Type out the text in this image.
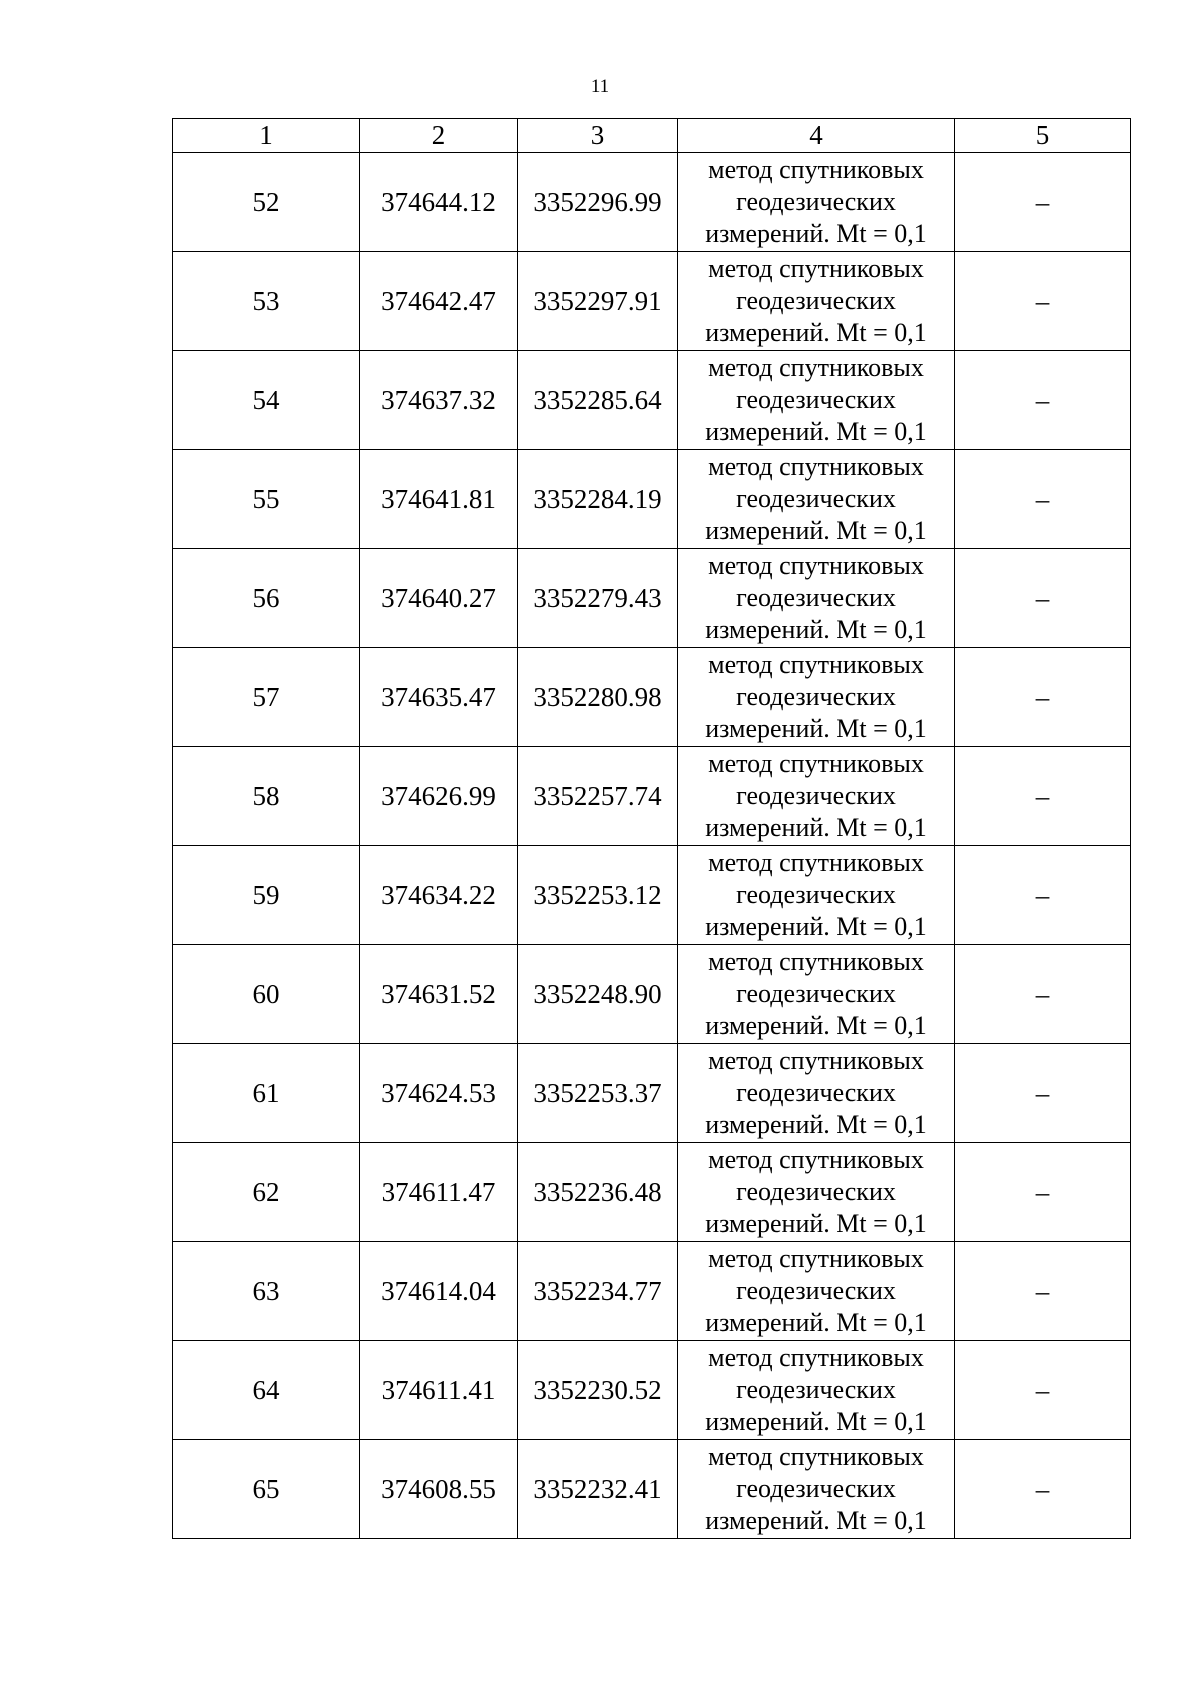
11
1	2	3	4	5
52	374644.12	3352296.99	метод спутниковых
геодезических
измерений. Mt = 0,1	–
53	374642.47	3352297.91	метод спутниковых
геодезических
измерений. Mt = 0,1	–
54	374637.32	3352285.64	метод спутниковых
геодезических
измерений. Mt = 0,1	–
55	374641.81	3352284.19	метод спутниковых
геодезических
измерений. Mt = 0,1	–
56	374640.27	3352279.43	метод спутниковых
геодезических
измерений. Mt = 0,1	–
57	374635.47	3352280.98	метод спутниковых
геодезических
измерений. Mt = 0,1	–
58	374626.99	3352257.74	метод спутниковых
геодезических
измерений. Mt = 0,1	–
59	374634.22	3352253.12	метод спутниковых
геодезических
измерений. Mt = 0,1	–
60	374631.52	3352248.90	метод спутниковых
геодезических
измерений. Mt = 0,1	–
61	374624.53	3352253.37	метод спутниковых
геодезических
измерений. Mt = 0,1	–
62	374611.47	3352236.48	метод спутниковых
геодезических
измерений. Mt = 0,1	–
63	374614.04	3352234.77	метод спутниковых
геодезических
измерений. Mt = 0,1	–
64	374611.41	3352230.52	метод спутниковых
геодезических
измерений. Mt = 0,1	–
65	374608.55	3352232.41	метод спутниковых
геодезических
измерений. Mt = 0,1	–
